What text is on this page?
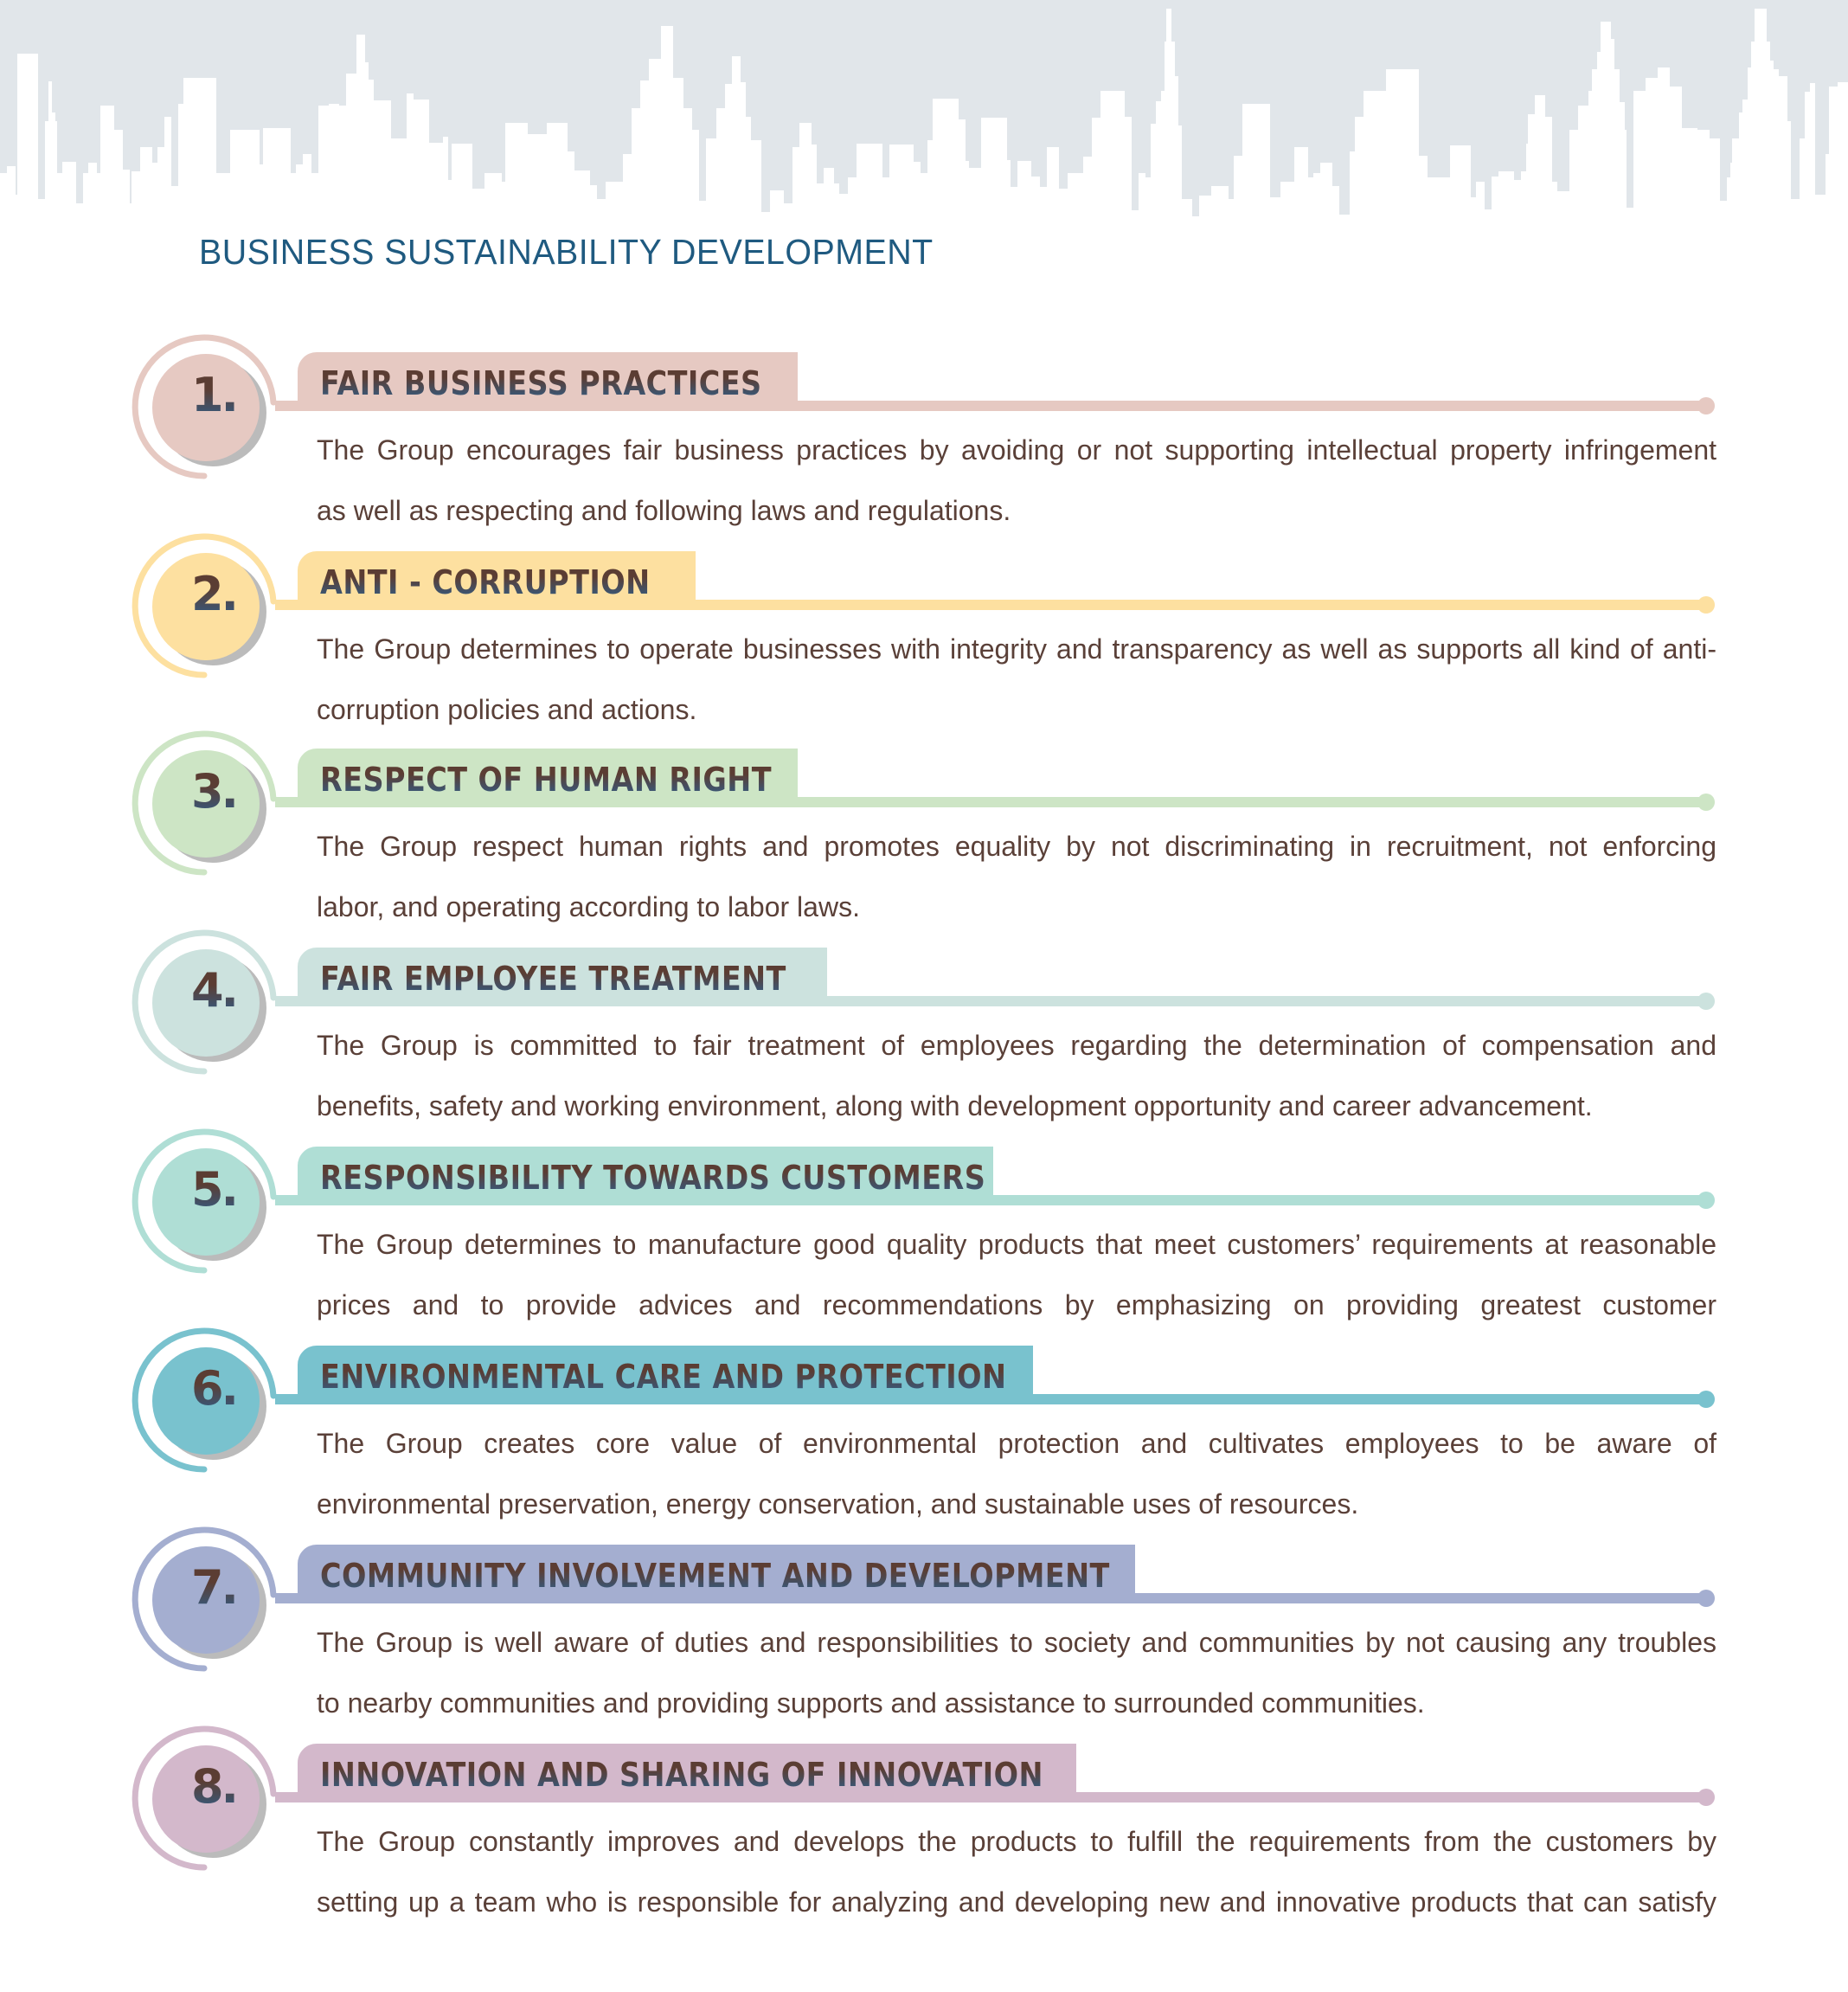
BUSINESS SUSTAINABILITY DEVELOPMENT
1.	FAIR BUSINESS PRACTICES
The Group encourages fair business practices by avoiding or not supporting intellectual property infringement
as well as respecting and following laws and regulations.
2.	ANTI - CORRUPTION
The Group determines to operate businesses with integrity and transparency as well as supports all kind of anti-
corruption policies and actions.
3.	RESPECT OF HUMAN RIGHT
The Group respect human rights and promotes equality by not discriminating in recruitment, not enforcing
labor, and operating according to labor laws.
4.	FAIR EMPLOYEE TREATMENT
The Group is committed to fair treatment of employees regarding the determination of compensation and
benefits, safety and working environment, along with development opportunity and career advancement.
5.	RESPONSIBILITY TOWARDS CUSTOMERS
The Group determines to manufacture good quality products that meet customers’ requirements at reasonable
prices and to provide advices and recommendations by emphasizing on providing greatest customer
6.	ENVIRONMENTAL CARE AND PROTECTION
The Group creates core value of environmental protection and cultivates employees to be aware of
environmental preservation, energy conservation, and sustainable uses of resources.
7.	COMMUNITY INVOLVEMENT AND DEVELOPMENT
The Group is well aware of duties and responsibilities to society and communities by not causing any troubles
to nearby communities and providing supports and assistance to surrounded communities.
8.	INNOVATION AND SHARING OF INNOVATION
The Group constantly improves and develops the products to fulfill the requirements from the customers by
setting up a team who is responsible for analyzing and developing new and innovative products that can satisfy
